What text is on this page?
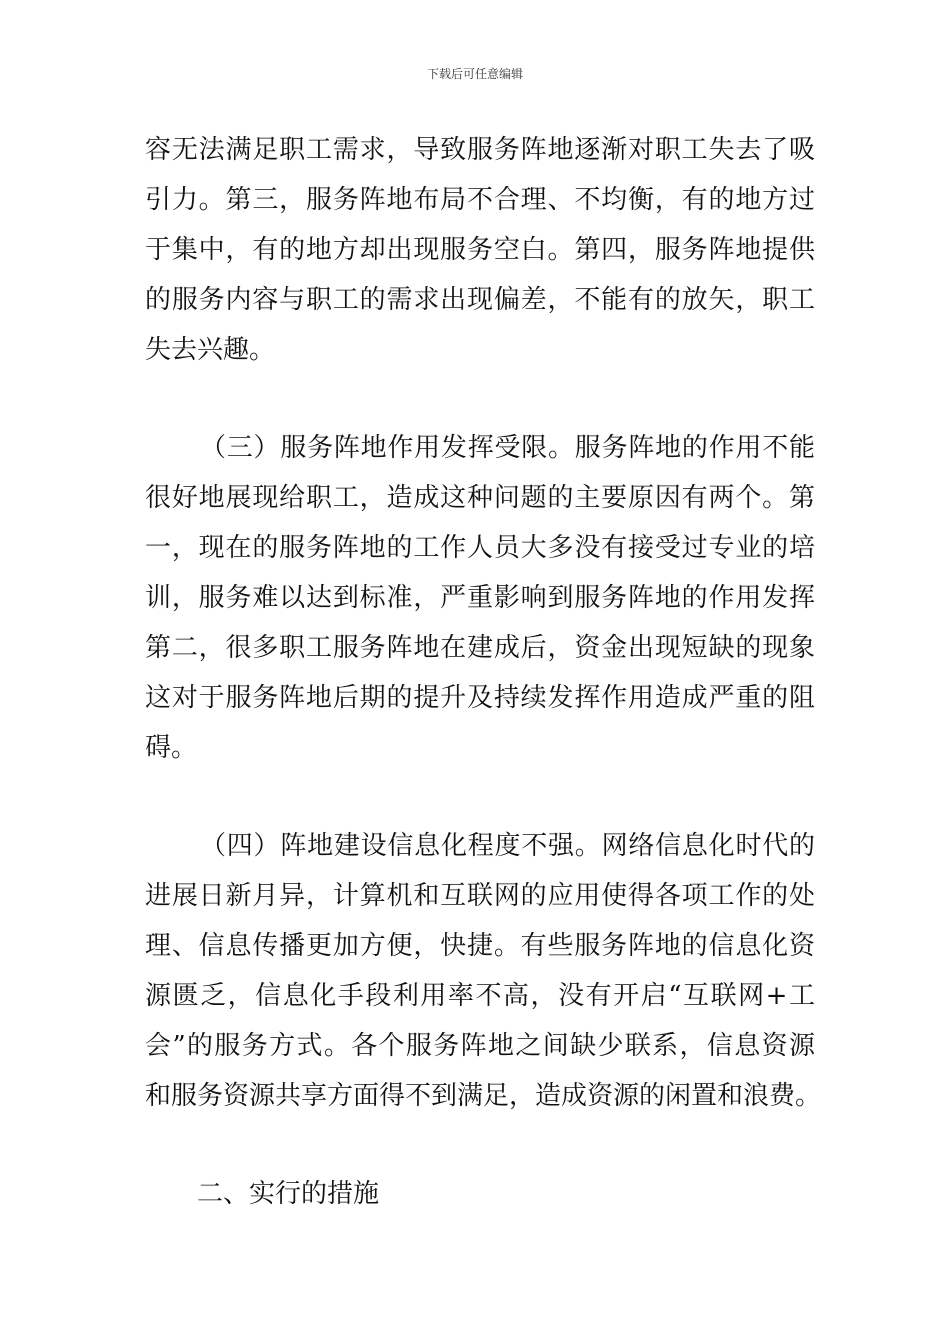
下载后可任意编辑
容无法满足职工需求，导致服务阵地逐渐对职工失去了吸
引力。第三，服务阵地布局不合理、不均衡，有的地方过
于集中，有的地方却出现服务空白。第四，服务阵地提供
的服务内容与职工的需求出现偏差，不能有的放矢，职工
失去兴趣。
（三）服务阵地作用发挥受限。服务阵地的作用不能
很好地展现给职工，造成这种问题的主要原因有两个。第
一，现在的服务阵地的工作人员大多没有接受过专业的培
训，服务难以达到标准，严重影响到服务阵地的作用发挥
第二，很多职工服务阵地在建成后，资金出现短缺的现象
这对于服务阵地后期的提升及持续发挥作用造成严重的阻
碍。
（四）阵地建设信息化程度不强。网络信息化时代的
进展日新月异，计算机和互联网的应用使得各项工作的处
理、信息传播更加方便，快捷。有些服务阵地的信息化资
源匮乏，信息化手段利用率不高，没有开启“互联网+工
会”的服务方式。各个服务阵地之间缺少联系，信息资源
和服务资源共享方面得不到满足，造成资源的闲置和浪费。
二、实行的措施
